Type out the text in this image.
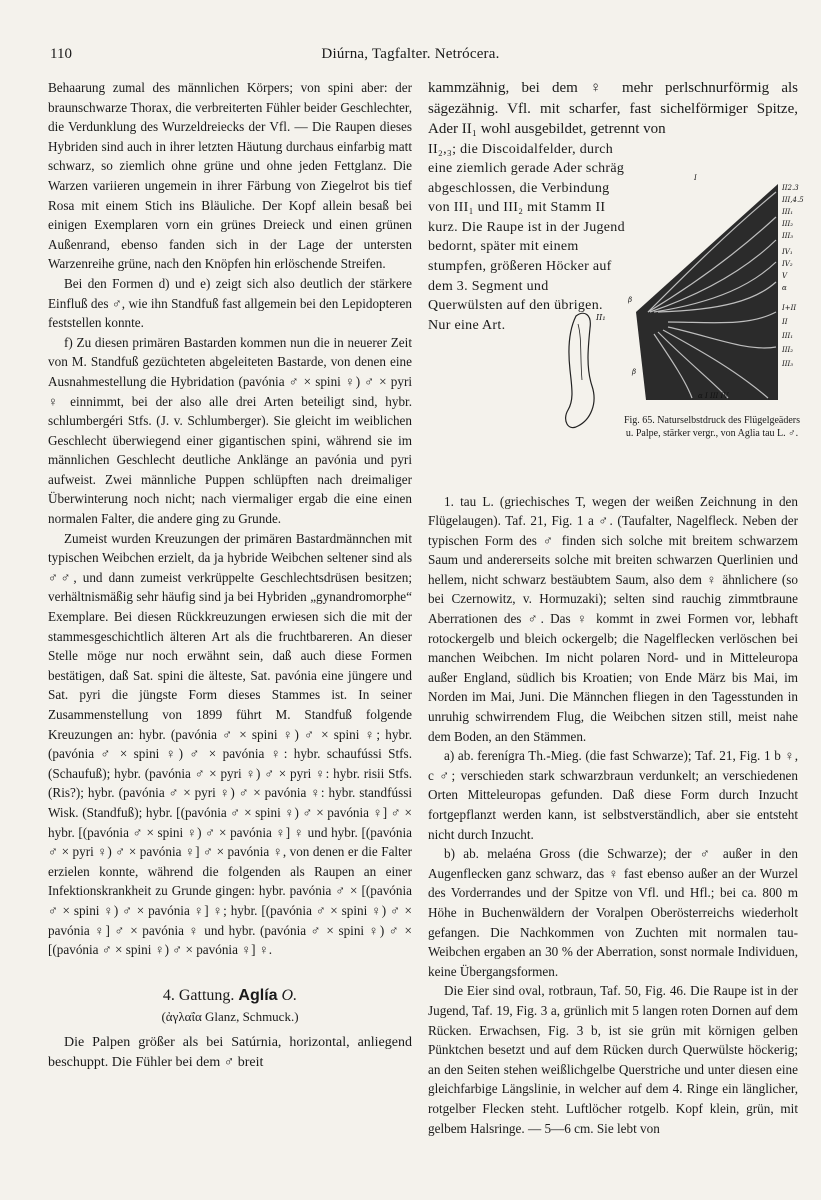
110	Diúrna, Tagfalter. Netrócera.

Behaarung zumal des männlichen Körpers; von spini aber: der braunschwarze Thorax, die verbreiterten Fühler beider Geschlechter, die Verdunklung des Wurzeldreiecks der Vfl. — Die Raupen dieses Hybriden sind auch in ihrer letzten Häutung durchaus einfarbig matt schwarz, so ziemlich ohne grüne und ohne jeden Fettglanz. Die Warzen variieren ungemein in ihrer Färbung von Ziegelrot bis tief Rosa mit einem Stich ins Bläuliche. Der Kopf allein besaß bei einigen Exemplaren vorn ein grünes Dreieck und einen grünen Außenrand, ebenso fanden sich in der Lage der untersten Warzenreihe grüne, nach den Knöpfen hin erlöschende Streifen.

Bei den Formen d) und e) zeigt sich also deutlich der stärkere Einfluß des ♂, wie ihn Standfuß fast allgemein bei den Lepidopteren feststellen konnte.

f) Zu diesen primären Bastarden kommen nun die in neuerer Zeit von M. Standfuß gezüchteten abgeleiteten Bastarde, von denen eine Ausnahmestellung die Hybridation (pavónia ♂ × spini ♀) ♂ × pyri ♀ einnimmt, bei der also alle drei Arten beteiligt sind, hybr. schlumbergéri Stfs. (J. v. Schlumberger). Sie gleicht im weiblichen Geschlecht überwiegend einer gigantischen spini, während sie im männlichen Geschlecht deutliche Anklänge an pavónia und pyri aufweist. Zwei männliche Puppen schlüpften nach dreimaliger Überwinterung noch nicht; nach viermaliger ergab die eine einen normalen Falter, die andere ging zu Grunde.

Zumeist wurden Kreuzungen der primären Bastardmännchen mit typischen Weibchen erzielt, da ja hybride Weibchen seltener sind als ♂♂, und dann zumeist verkrüppelte Geschlechtsdrüsen besitzen; verhältnismäßig sehr häufig sind ja bei Hybriden „gynandromorphe“ Exemplare. Bei diesen Rückkreuzungen erwiesen sich die mit der stammesgeschichtlich älteren Art als die fruchtbareren. An dieser Stelle möge nur noch erwähnt sein, daß auch diese Formen bestätigen, daß Sat. spini die älteste, Sat. pavónia eine jüngere und Sat. pyri die jüngste Form dieses Stammes ist. In seiner Zusammenstellung von 1899 führt M. Standfuß folgende Kreuzungen an: hybr. (pavónia ♂ × spini ♀) ♂ × spini ♀; hybr. (pavónia ♂ × spini ♀) ♂ × pavónia ♀: hybr. schaufússi Stfs. (Schaufuß); hybr. (pavónia ♂ × pyri ♀) ♂ × pyri ♀: hybr. risii Stfs. (Ris?); hybr. (pavónia ♂ × pyri ♀) ♂ × pavónia ♀: hybr. standfússi Wisk. (Standfuß); hybr. [(pavónia ♂ × spini ♀) ♂ × pavónia ♀] ♂ × hybr. [(pavónia ♂ × spini ♀) ♂ × pavónia ♀] ♀ und hybr. [(pavónia ♂ × pyri ♀) ♂ × pavónia ♀] ♂ × pavónia ♀, von denen er die Falter erzielen konnte, während die folgenden als Raupen an einer Infektionskrankheit zu Grunde gingen: hybr. pavónia ♂ × [(pavónia ♂ × spini ♀) ♂ × pavónia ♀] ♀; hybr. [(pavónia ♂ × spini ♀) ♂ × pavónia ♀] ♂ × pavónia ♀ und hybr. (pavónia ♂ × spini ♀) ♂ × [(pavónia ♂ × spini ♀) ♂ × pavónia ♀] ♀.

4. Gattung. Aglía O.
(ἀγλαΐα Glanz, Schmuck.)

Die Palpen größer als bei Satúrnia, horizontal, anliegend beschuppt. Die Fühler bei dem ♂ breit

kammzähnig, bei dem ♀ mehr perlschnurförmig als sägezähnig. Vfl. mit scharfer, fast sichelförmiger Spitze, Ader II₁ wohl ausgebildet, getrennt von

II₂,₃; die Discoidalfelder, durch eine ziemlich gerade Ader schräg abgeschlossen, die Verbindung von III₁ und III₂ mit Stamm II kurz. Die Raupe ist in der Jugend bedornt, später mit einem stumpfen, größeren Höcker auf dem 3. Segment und Querwülsten auf den übrigen. Nur eine Art.
I
II2.3
III,4.5
III₁
III₂
III₃
IV₁
IV₂
V
α
I+II
II
III₁
III₂
III₃
β
β
α I III IV
Fig. 65. Naturselbstdruck des Flügelgeäders u. Palpe, stärker vergr., von Aglia tau L. ♂.
II₁

1. tau L. (griechisches T, wegen der weißen Zeichnung in den Flügelaugen). Taf. 21, Fig. 1 a ♂. (Taufalter, Nagelfleck. Neben der typischen Form des ♂ finden sich solche mit breitem schwarzem Saum und andererseits solche mit breiten schwarzen Querlinien und hellem, nicht schwarz bestäubtem Saum, also dem ♀ ähnlichere (so bei Czernowitz, v. Hormuzaki); selten sind rauchig zimmtbraune Aberrationen des ♂. Das ♀ kommt in zwei Formen vor, lebhaft rotockergelb und bleich ockergelb; die Nagelflecken verlöschen bei manchen Weibchen. Im nicht polaren Nord- und in Mitteleuropa außer England, südlich bis Kroatien; von Ende März bis Mai, im Norden im Mai, Juni. Die Männchen fliegen in den Tagesstunden in unruhig schwirrendem Flug, die Weibchen sitzen still, meist nahe dem Boden, an den Stämmen.

a) ab. ferenígra Th.-Mieg. (die fast Schwarze); Taf. 21, Fig. 1 b ♀, c ♂; verschieden stark schwarzbraun verdunkelt; an verschiedenen Orten Mitteleuropas gefunden. Daß diese Form durch Inzucht fortgepflanzt werden kann, ist selbstverständlich, aber sie entsteht nicht durch Inzucht.

b) ab. melaéna Gross (die Schwarze); der ♂ außer in den Augenflecken ganz schwarz, das ♀ fast ebenso außer an der Wurzel des Vorderrandes und der Spitze von Vfl. und Hfl.; bei ca. 800 m Höhe in Buchenwäldern der Voralpen Oberösterreichs wiederholt gefangen. Die Nachkommen von Zuchten mit normalen tau-Weibchen ergaben an 30 % der Aberration, sonst normale Individuen, keine Übergangsformen.

Die Eier sind oval, rotbraun, Taf. 50, Fig. 46. Die Raupe ist in der Jugend, Taf. 19, Fig. 3 a, grünlich mit 5 langen roten Dornen auf dem Rücken. Erwachsen, Fig. 3 b, ist sie grün mit körnigen gelben Pünktchen besetzt und auf dem Rücken durch Querwülste höckerig; an den Seiten stehen weißlichgelbe Querstriche und unter diesen eine gleichfarbige Längslinie, in welcher auf dem 4. Ringe ein länglicher, rotgelber Flecken steht. Luftlöcher rotgelb. Kopf klein, grün, mit gelbem Halsringe. — 5—6 cm. Sie lebt von
